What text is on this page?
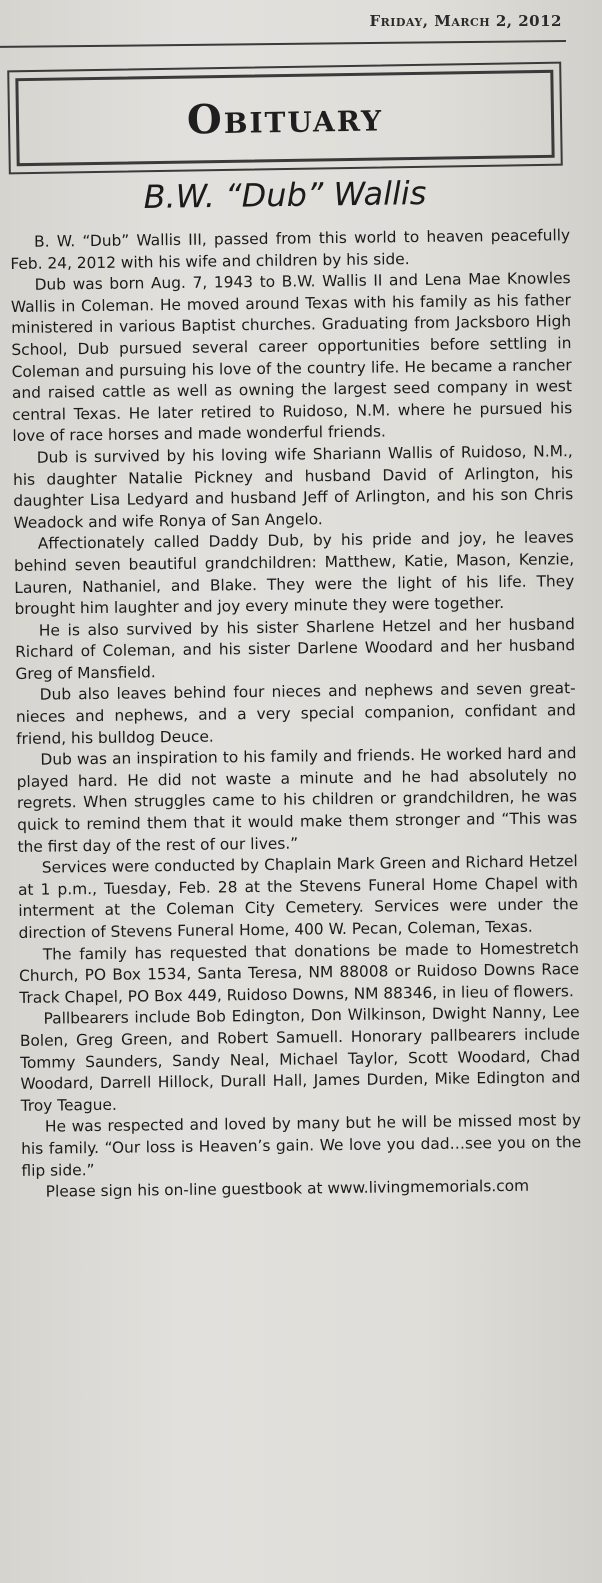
Friday, March 2, 2012
Obituary
B.W. “Dub” Wallis

B. W. “Dub” Wallis III, passed from this world to heaven peacefully Feb. 24, 2012 with his wife and children by his side.

Dub was born Aug. 7, 1943 to B.W. Wallis II and Lena Mae Knowles Wallis in Coleman. He moved around Texas with his family as his father ministered in various Baptist churches. Graduating from Jacksboro High School, Dub pursued several career opportunities before settling in Coleman and pursuing his love of the country life. He became a rancher and raised cattle as well as owning the largest seed company in west central Texas. He later retired to Ruidoso, N.M. where he pursued his love of race horses and made wonderful friends.

Dub is survived by his loving wife Shariann Wallis of Ruidoso, N.M., his daughter Natalie Pickney and husband David of Arlington, his daughter Lisa Ledyard and husband Jeff of Arlington, and his son Chris Weadock and wife Ronya of San Angelo.

Affectionately called Daddy Dub, by his pride and joy, he leaves behind seven beautiful grandchildren: Matthew, Katie, Mason, Kenzie, Lauren, Nathaniel, and Blake. They were the light of his life. They brought him laughter and joy every minute they were together.

He is also survived by his sister Sharlene Hetzel and her husband Richard of Coleman, and his sister Darlene Woodard and her husband Greg of Mansfield.

Dub also leaves behind four nieces and nephews and seven great-nieces and nephews, and a very special companion, confidant and friend, his bulldog Deuce.

Dub was an inspiration to his family and friends. He worked hard and played hard. He did not waste a minute and he had absolutely no regrets. When struggles came to his children or grandchildren, he was quick to remind them that it would make them stronger and “This was the first day of the rest of our lives.”

Services were conducted by Chaplain Mark Green and Richard Hetzel at 1 p.m., Tuesday, Feb. 28 at the Stevens Funeral Home Chapel with interment at the Coleman City Cemetery. Services were under the direction of Stevens Funeral Home, 400 W. Pecan, Coleman, Texas.

The family has requested that donations be made to Homestretch Church, PO Box 1534, Santa Teresa, NM 88008 or Ruidoso Downs Race Track Chapel, PO Box 449, Ruidoso Downs, NM 88346, in lieu of flowers.

Pallbearers include Bob Edington, Don Wilkinson, Dwight Nanny, Lee Bolen, Greg Green, and Robert Samuell. Honorary pallbearers include Tommy Saunders, Sandy Neal, Michael Taylor, Scott Woodard, Chad Woodard, Darrell Hillock, Durall Hall, James Durden, Mike Edington and Troy Teague.

He was respected and loved by many but he will be missed most by his family. “Our loss is Heaven’s gain. We love you dad…see you on the flip side.”

Please sign his on-line guestbook at www.livingmemorials.com
